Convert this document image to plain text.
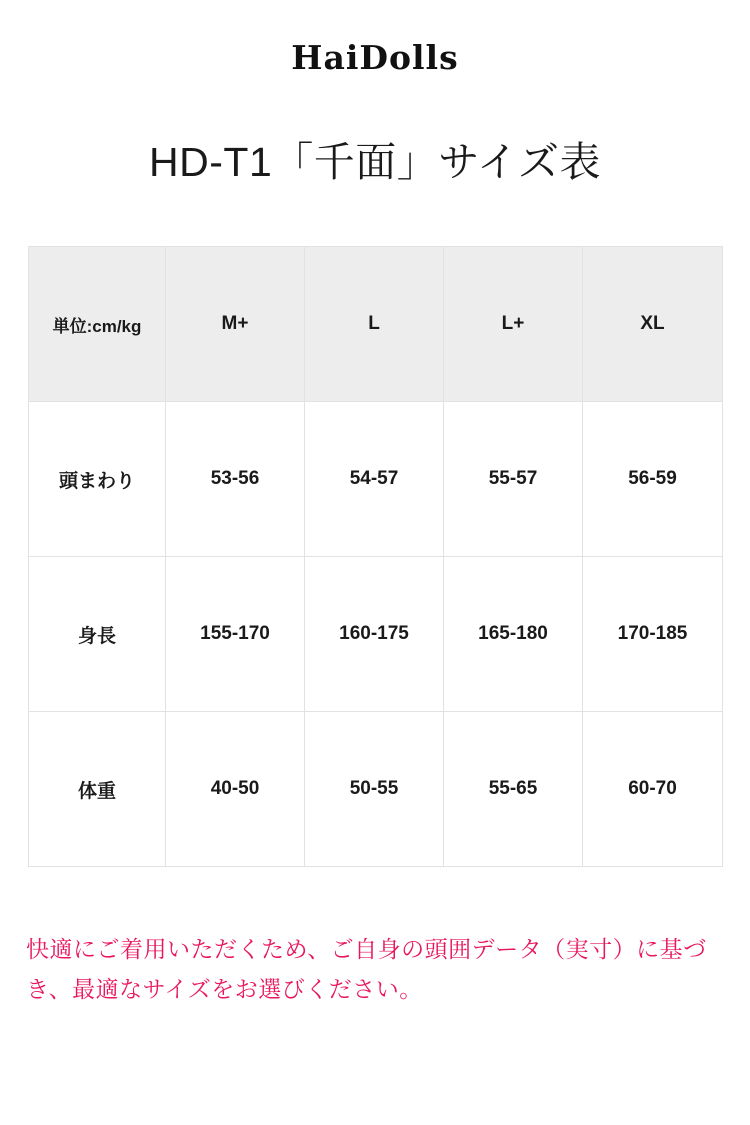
HaiDolls
HD-T1「千面」サイズ表
単位:cm/kg	M+	L	L+	XL
頭まわり	53-56	54-57	55-57	56-59
身長	155-170	160-175	165-180	170-185
体重	40-50	50-55	55-65	60-70

快適にご着用いただくため、ご自身の頭囲データ（実寸）に基づき、最適なサイズをお選びください。
